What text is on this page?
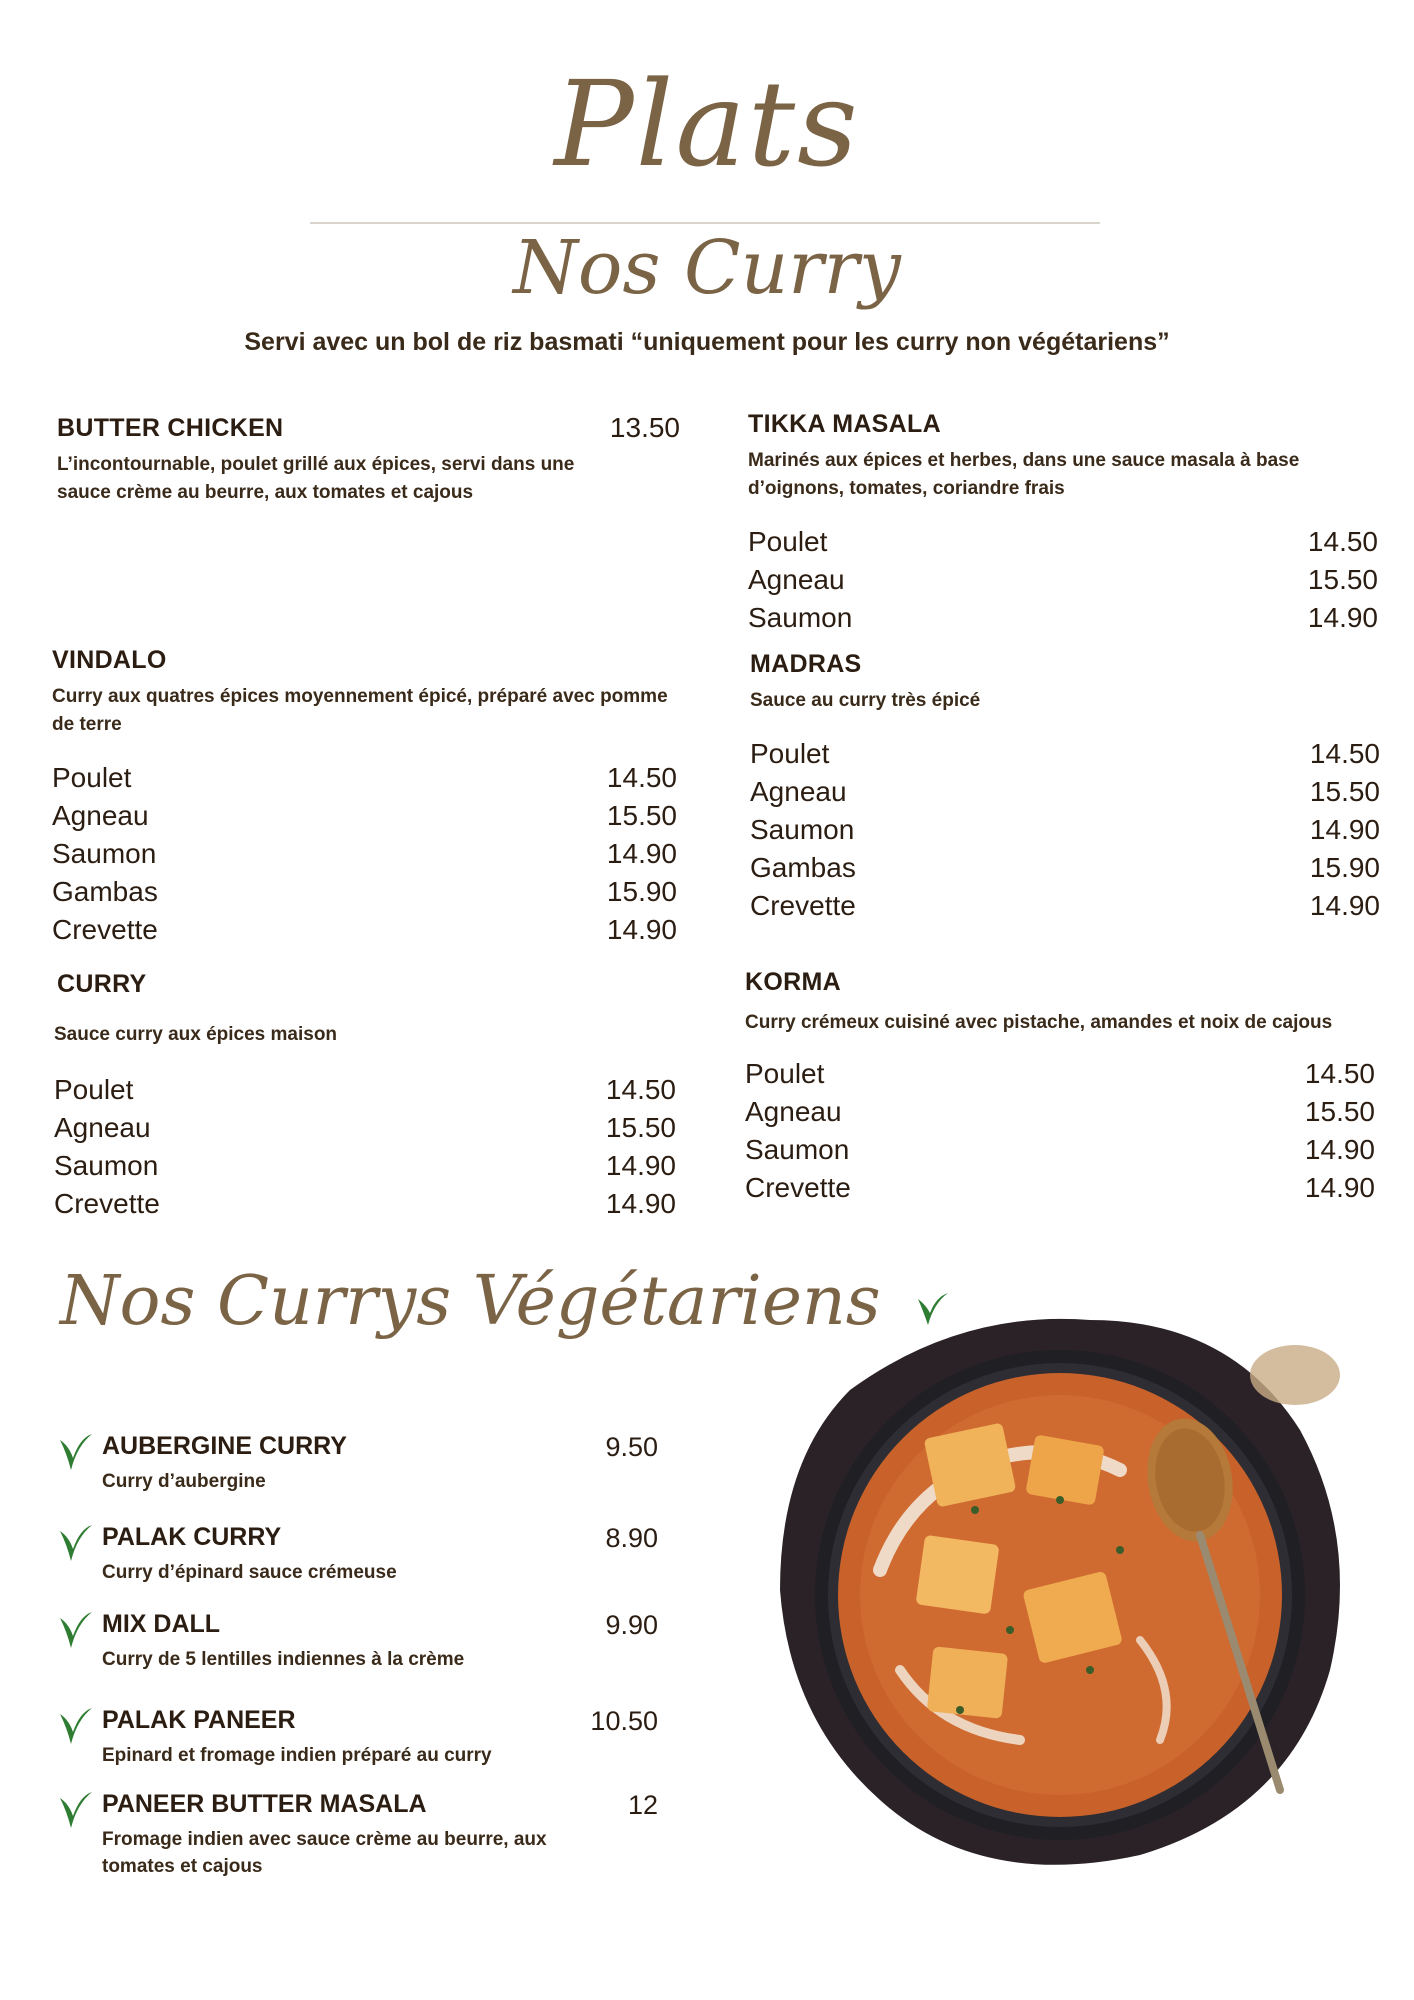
Plats
Nos Curry
Servi avec un bol de riz basmati “uniquement pour les curry non végétariens”
BUTTER CHICKEN	13.50
L’incontournable, poulet grillé aux épices, servi dans une sauce crème au beurre, aux tomates et cajous
TIKKA MASALA
Marinés aux épices et herbes, dans une sauce masala à base d’oignons, tomates, coriandre frais
Poulet	14.50
Agneau	15.50
Saumon	14.90
VINDALO
Curry aux quatres épices moyennement épicé, préparé avec pomme de terre
Poulet	14.50
Agneau	15.50
Saumon	14.90
Gambas	15.90
Crevette	14.90
MADRAS
Sauce au curry très épicé
Poulet	14.50
Agneau	15.50
Saumon	14.90
Gambas	15.90
Crevette	14.90
CURRY
Sauce curry aux épices maison
Poulet	14.50
Agneau	15.50
Saumon	14.90
Crevette	14.90
KORMA
Curry crémeux cuisiné avec pistache, amandes et noix de cajous
Poulet	14.50
Agneau	15.50
Saumon	14.90
Crevette	14.90
Nos Currys Végétariens
AUBERGINE CURRY	9.50
Curry d’aubergine
PALAK CURRY	8.90
Curry d’épinard sauce crémeuse
MIX DALL	9.90
Curry de 5 lentilles indiennes à la crème
PALAK PANEER	10.50
Epinard et fromage indien préparé au curry
PANEER BUTTER MASALA	12
Fromage indien avec sauce crème au beurre, aux tomates et cajous
